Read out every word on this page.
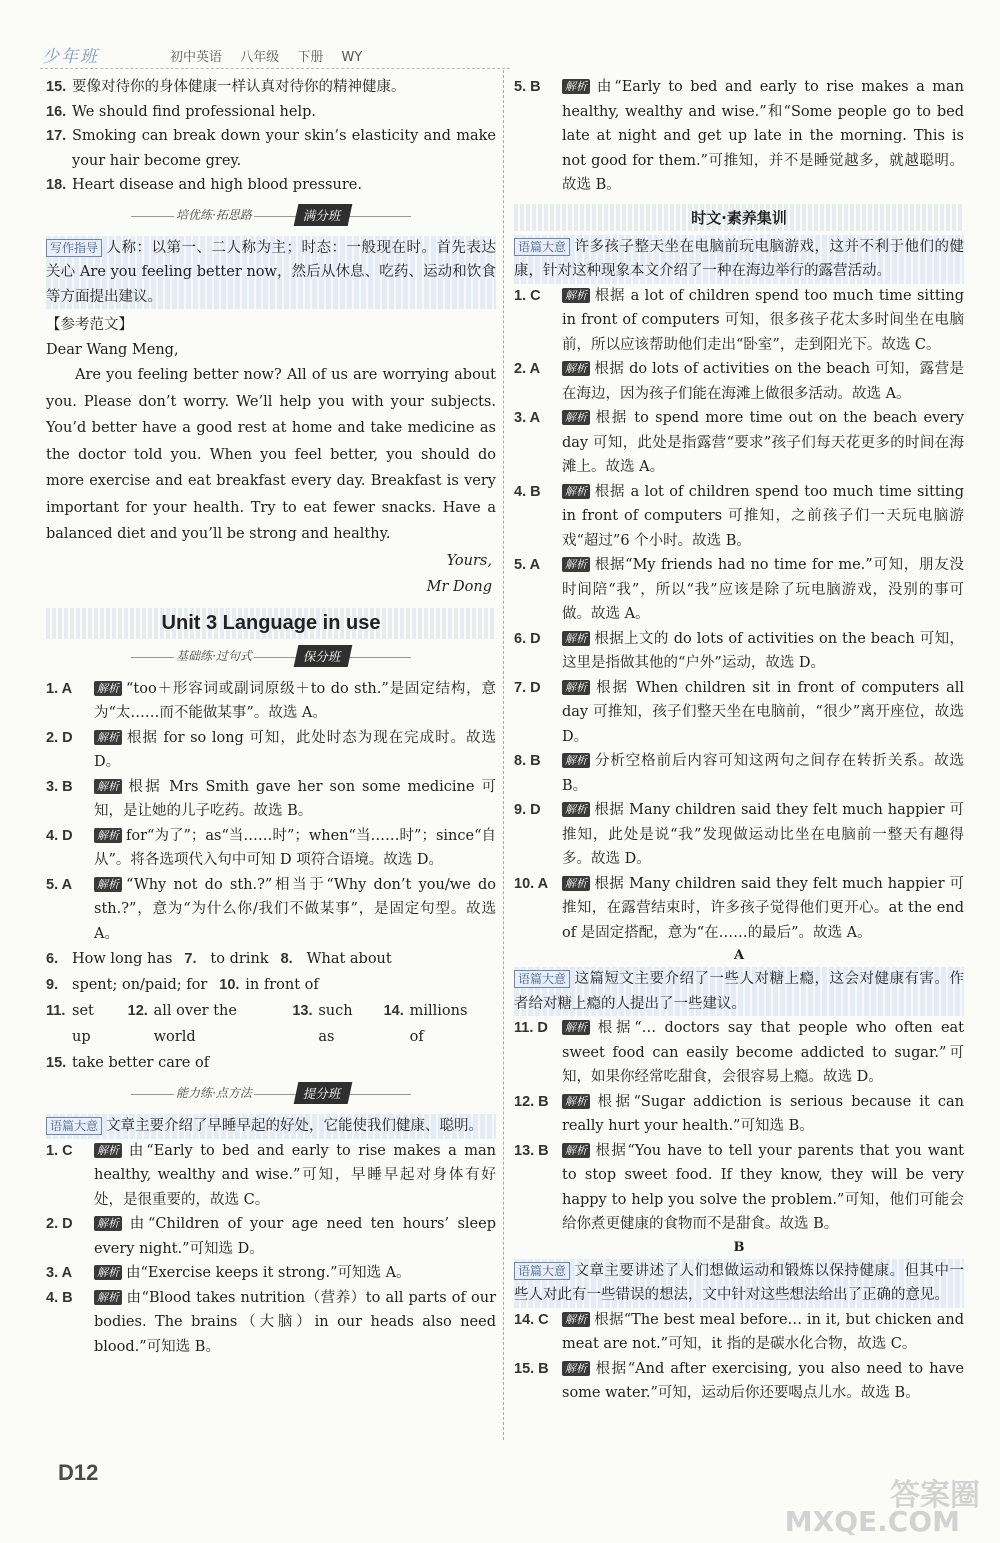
少年班	初中英语 八年级 下册 WY
15. 要像对待你的身体健康一样认真对待你的精神健康。
16. We should find professional help.
17. Smoking can break down your skin’s elasticity and make your hair become grey.
18. Heart disease and high blood pressure.
培优练·拓思路	满分班

写作指导 人称：以第一、二人称为主；时态：一般现在时。首先表达关心 Are you feeling better now，然后从休息、吃药、运动和饮食等方面提出建议。

【参考范文】

Dear Wang Meng,

Are you feeling better now? All of us are worrying about you. Please don’t worry. We’ll help you with your subjects. You’d better have a good rest at home and take medicine as the doctor told you. When you feel better, you should do more exercise and eat breakfast every day. Breakfast is very important for your health. Try to eat fewer snacks. Have a balanced diet and you’ll be strong and healthy.

Yours,

Mr Dong

Unit 3 Language in use
基础练·过句式	保分班
1. A	解析 “too＋形容词或副词原级＋to do sth.”是固定结构，意为“太……而不能做某事”。故选 A。
2. D	解析 根据 for so long 可知，此处时态为现在完成时。故选 D。
3. B	解析 根据 Mrs Smith gave her son some medicine 可知，是让她的儿子吃药。故选 B。
4. D	解析 for“为了”；as“当……时”；when“当……时”；since“自从”。将各选项代入句中可知 D 项符合语境。故选 D。
5. A	解析 “Why not do sth.?”相当于“Why don’t you/we do sth.?”，意为“为什么你/我们不做某事”，是固定句型。故选 A。
6. How long has 7. to drink 8. What about
9. spent; on/paid; for 10. in front of
11. set up
12. all over the world
13. such as
14. millions of
15. take better care of
能力练·点方法	提分班

语篇大意 文章主要介绍了早睡早起的好处，它能使我们健康、聪明。

1. C	解析 由“Early to bed and early to rise makes a man healthy, wealthy and wise.”可知，早睡早起对身体有好处，是很重要的，故选 C。
2. D	解析 由“Children of your age need ten hours’ sleep every night.”可知选 D。
3. A	解析 由“Exercise keeps it strong.”可知选 A。
4. B	解析 由“Blood takes nutrition（营养）to all parts of our bodies. The brains（大脑）in our heads also need blood.”可知选 B。
5. B	解析 由“Early to bed and early to rise makes a man healthy, wealthy and wise.”和“Some people go to bed late at night and get up late in the morning. This is not good for them.”可推知，并不是睡觉越多，就越聪明。故选 B。
时文·素养集训

语篇大意 许多孩子整天坐在电脑前玩电脑游戏，这并不利于他们的健康，针对这种现象本文介绍了一种在海边举行的露营活动。

1. C	解析 根据 a lot of children spend too much time sitting in front of computers 可知，很多孩子花太多时间坐在电脑前，所以应该帮助他们走出“卧室”，走到阳光下。故选 C。
2. A	解析 根据 do lots of activities on the beach 可知，露营是在海边，因为孩子们能在海滩上做很多活动。故选 A。
3. A	解析 根据 to spend more time out on the beach every day 可知，此处是指露营“要求”孩子们每天花更多的时间在海滩上。故选 A。
4. B	解析 根据 a lot of children spend too much time sitting in front of computers 可推知，之前孩子们一天玩电脑游戏“超过”6 个小时。故选 B。
5. A	解析 根据“My friends had no time for me.”可知，朋友没时间陪“我”，所以“我”应该是除了玩电脑游戏，没别的事可做。故选 A。
6. D	解析 根据上文的 do lots of activities on the beach 可知，这里是指做其他的“户外”运动，故选 D。
7. D	解析 根据 When children sit in front of computers all day 可推知，孩子们整天坐在电脑前，“很少”离开座位，故选 D。
8. B	解析 分析空格前后内容可知这两句之间存在转折关系。故选 B。
9. D	解析 根据 Many children said they felt much happier 可推知，此处是说“我”发现做运动比坐在电脑前一整天有趣得多。故选 D。
10. A	解析 根据 Many children said they felt much happier 可推知，在露营结束时，许多孩子觉得他们更开心。at the end of 是固定搭配，意为“在……的最后”。故选 A。
A

语篇大意 这篇短文主要介绍了一些人对糖上瘾，这会对健康有害。作者给对糖上瘾的人提出了一些建议。

11. D	解析 根据“… doctors say that people who often eat sweet food can easily become addicted to sugar.”可知，如果你经常吃甜食，会很容易上瘾。故选 D。
12. B	解析 根据“Sugar addiction is serious because it can really hurt your health.”可知选 B。
13. B	解析 根据“You have to tell your parents that you want to stop sweet food. If they know, they will be very happy to help you solve the problem.”可知，他们可能会给你煮更健康的食物而不是甜食。故选 B。
B

语篇大意 文章主要讲述了人们想做运动和锻炼以保持健康。但其中一些人对此有一些错误的想法，文中针对这些想法给出了正确的意见。

14. C	解析 根据“The best meal before… in it, but chicken and meat are not.”可知，it 指的是碳水化合物，故选 C。
15. B	解析 根据“And after exercising, you also need to have some water.”可知，运动后你还要喝点儿水。故选 B。
D12
答案圈
MXQE.COM
